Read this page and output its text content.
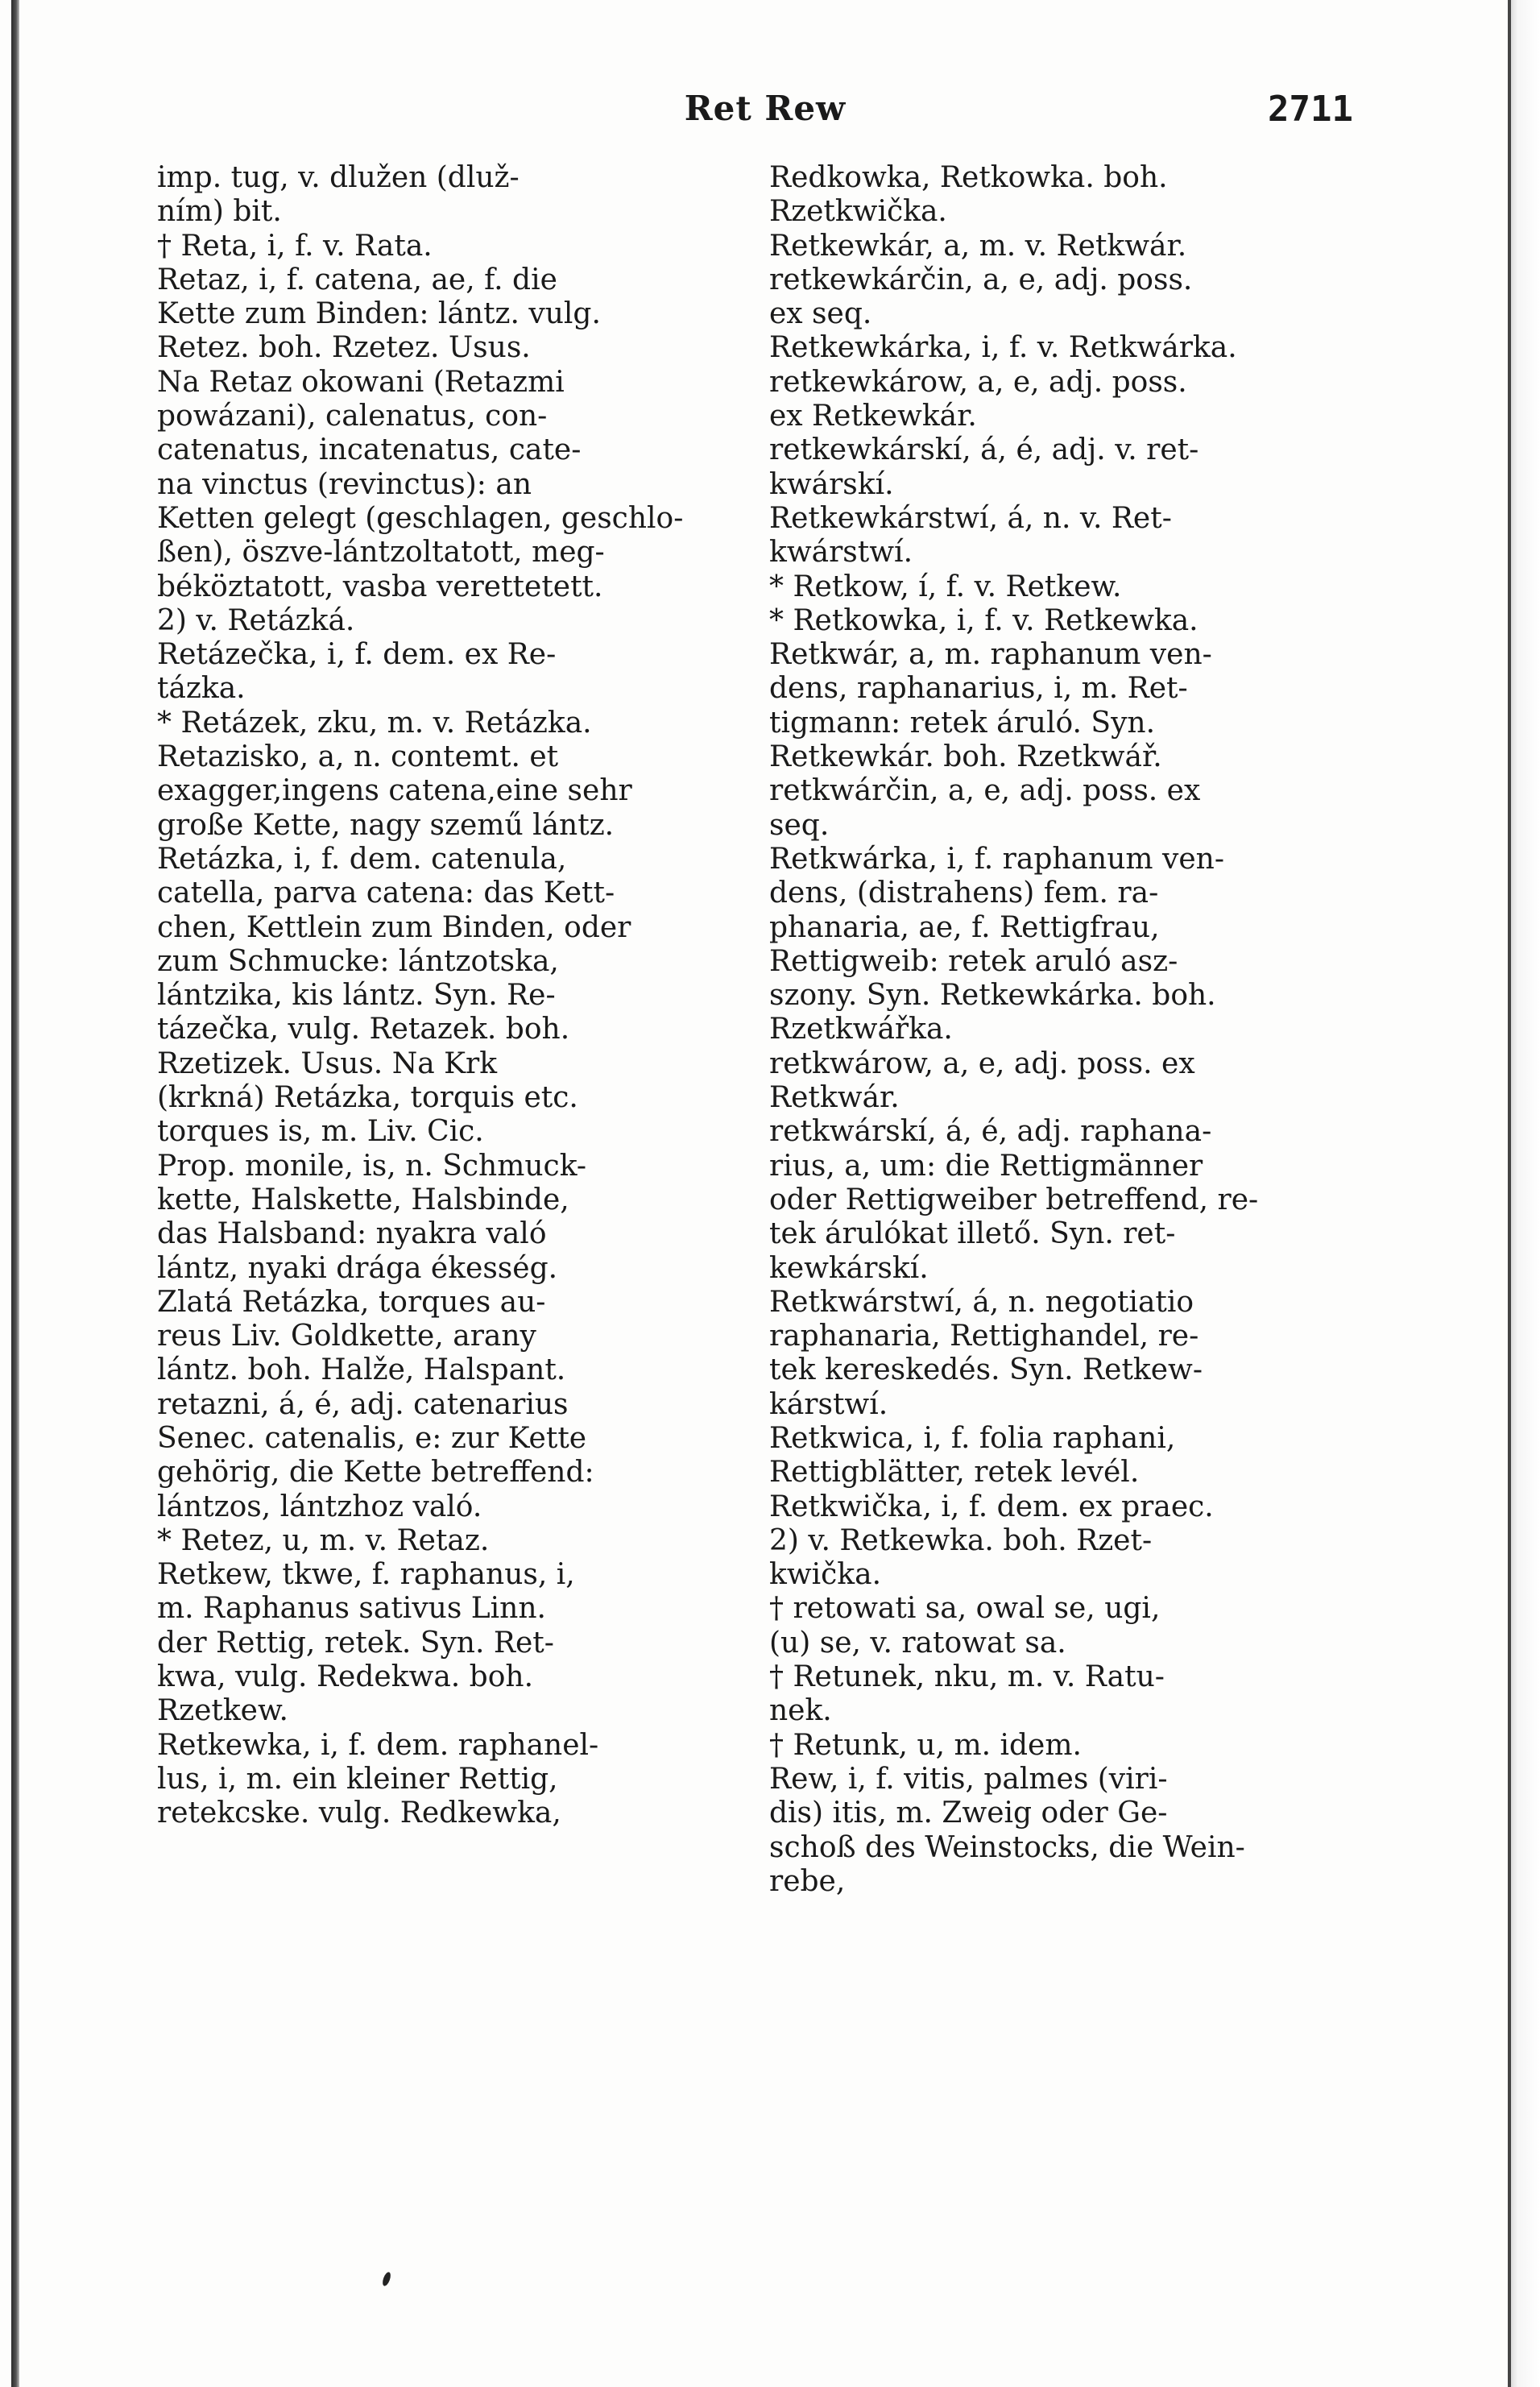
Ret Rew	2711
imp. tug, v. dlužen (dluž-
ním) bit.
† Reta, i, f. v. Rata.
Retaz, i, f. catena, ae, f. die
Kette zum Binden: lántz. vulg.
Retez. boh. Rzetez. Usus.
Na Retaz okowani (Retazmi
powázani), calenatus, con-
catenatus, incatenatus, cate-
na vinctus (revinctus): an
Ketten gelegt (geschlagen, geschlo-
ßen), öszve-lántzoltatott, meg-
béköztatott, vasba verettetett.
2) v. Retázká.
Retázečka, i, f. dem. ex Re-
tázka.
* Retázek, zku, m. v. Retázka.
Retazisko, a, n. contemt. et
exagger,ingens catena,eine sehr
große Kette, nagy szemű lántz.
Retázka, i, f. dem. catenula,
catella, parva catena: das Kett-
chen, Kettlein zum Binden, oder
zum Schmucke: lántzotska,
lántzika, kis lántz. Syn. Re-
tázečka, vulg. Retazek. boh.
Rzetizek. Usus. Na Krk
(krkná) Retázka, torquis etc.
torques is, m. Liv. Cic.
Prop. monile, is, n. Schmuck-
kette, Halskette, Halsbinde,
das Halsband: nyakra való
lántz, nyaki drága ékesség.
Zlatá Retázka, torques au-
reus Liv. Goldkette, arany
lántz. boh. Halže, Halspant.
retazni, á, é, adj. catenarius
Senec. catenalis, e: zur Kette
gehörig, die Kette betreffend:
lántzos, lántzhoz való.
* Retez, u, m. v. Retaz.
Retkew, tkwe, f. raphanus, i,
m. Raphanus sativus Linn.
der Rettig, retek. Syn. Ret-
kwa, vulg. Redekwa. boh.
Rzetkew.
Retkewka, i, f. dem. raphanel-
lus, i, m. ein kleiner Rettig,
retekcske. vulg. Redkewka,
Redkowka, Retkowka. boh.
Rzetkwička.
Retkewkár, a, m. v. Retkwár.
retkewkárčin, a, e, adj. poss.
ex seq.
Retkewkárka, i, f. v. Retkwárka.
retkewkárow, a, e, adj. poss.
ex Retkewkár.
retkewkárskí, á, é, adj. v. ret-
kwárskí.
Retkewkárstwí, á, n. v. Ret-
kwárstwí.
* Retkow, í, f. v. Retkew.
* Retkowka, i, f. v. Retkewka.
Retkwár, a, m. raphanum ven-
dens, raphanarius, i, m. Ret-
tigmann: retek áruló. Syn.
Retkewkár. boh. Rzetkwář.
retkwárčin, a, e, adj. poss. ex
seq.
Retkwárka, i, f. raphanum ven-
dens, (distrahens) fem. ra-
phanaria, ae, f. Rettigfrau,
Rettigweib: retek aruló asz-
szony. Syn. Retkewkárka. boh.
Rzetkwářka.
retkwárow, a, e, adj. poss. ex
Retkwár.
retkwárskí, á, é, adj. raphana-
rius, a, um: die Rettigmänner
oder Rettigweiber betreffend, re-
tek árulókat illető. Syn. ret-
kewkárskí.
Retkwárstwí, á, n. negotiatio
raphanaria, Rettighandel, re-
tek kereskedés. Syn. Retkew-
kárstwí.
Retkwica, i, f. folia raphani,
Rettigblätter, retek levél.
Retkwička, i, f. dem. ex praec.
2) v. Retkewka. boh. Rzet-
kwička.
† retowati sa, owal se, ugi,
(u) se, v. ratowat sa.
† Retunek, nku, m. v. Ratu-
nek.
† Retunk, u, m. idem.
Rew, i, f. vitis, palmes (viri-
dis) itis, m. Zweig oder Ge-
schoß des Weinstocks, die Wein-
rebe,
